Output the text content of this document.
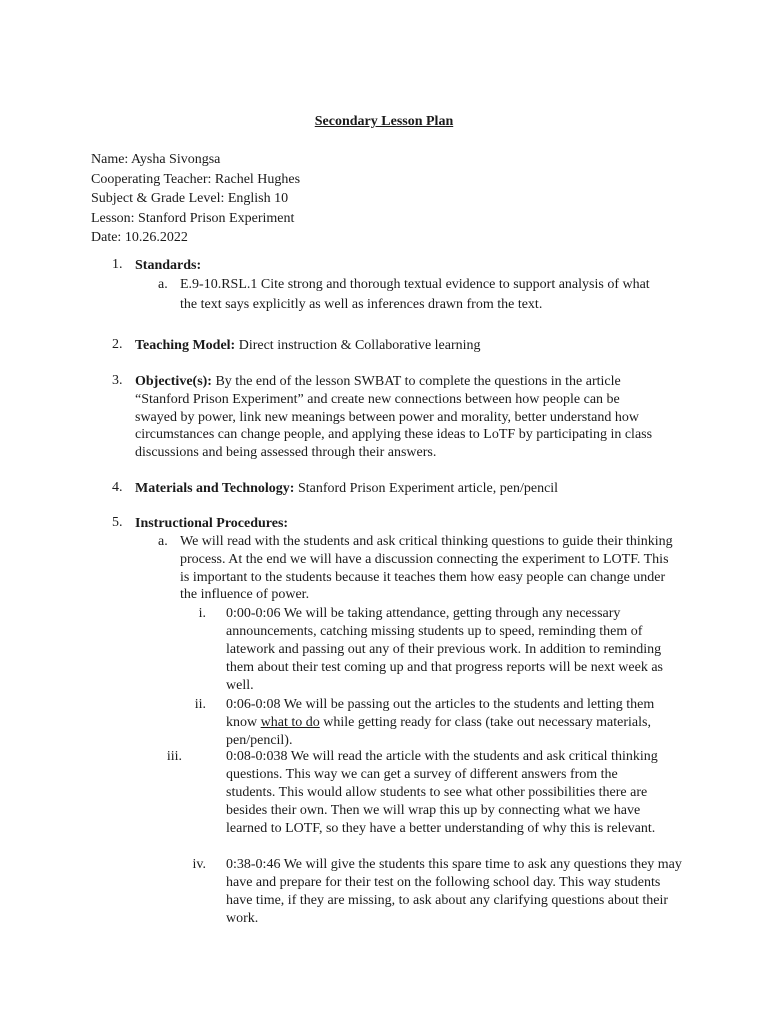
Secondary Lesson Plan
Name: Aysha Sivongsa
Cooperating Teacher: Rachel Hughes
Subject & Grade Level: English 10
Lesson: Stanford Prison Experiment
Date: 10.26.2022
1. Standards:
a. E.9-10.RSL.1 Cite strong and thorough textual evidence to support analysis of what the text says explicitly as well as inferences drawn from the text.
2. Teaching Model: Direct instruction & Collaborative learning
3. Objective(s): By the end of the lesson SWBAT to complete the questions in the article “Stanford Prison Experiment” and create new connections between how people can be swayed by power, link new meanings between power and morality, better understand how circumstances can change people, and applying these ideas to LoTF by participating in class discussions and being assessed through their answers.
4. Materials and Technology: Stanford Prison Experiment article, pen/pencil
5. Instructional Procedures:
a. We will read with the students and ask critical thinking questions to guide their thinking process. At the end we will have a discussion connecting the experiment to LOTF. This is important to the students because it teaches them how easy people can change under the influence of power.
i. 0:00-0:06 We will be taking attendance, getting through any necessary announcements, catching missing students up to speed, reminding them of latework and passing out any of their previous work. In addition to reminding them about their test coming up and that progress reports will be next week as well.
ii. 0:06-0:08 We will be passing out the articles to the students and letting them know what to do while getting ready for class (take out necessary materials, pen/pencil).
iii.	0:08-0:038 We will read the article with the students and ask critical thinking questions. This way we can get a survey of different answers from the students. This would allow students to see what other possibilities there are besides their own. Then we will wrap this up by connecting what we have learned to LOTF, so they have a better understanding of why this is relevant.
iv. 0:38-0:46 We will give the students this spare time to ask any questions they may have and prepare for their test on the following school day. This way students have time, if they are missing, to ask about any clarifying questions about their work.
